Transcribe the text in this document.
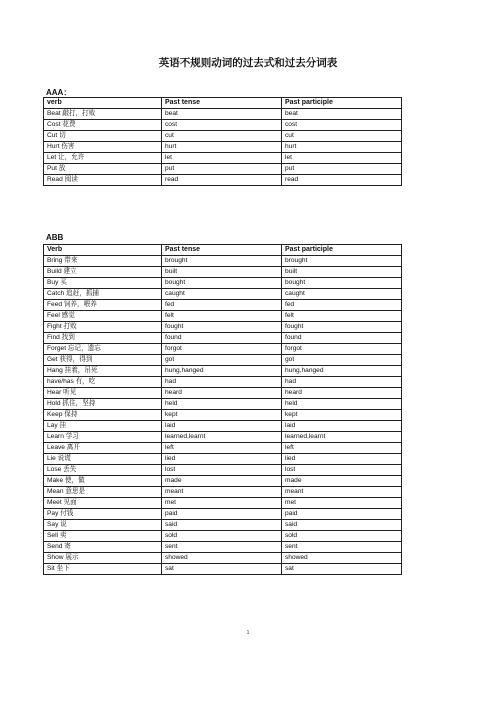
英语不规则动词的过去式和过去分词表
AAA：
verb	Past tense	Past participle
Beat 敲打，打败	beat	beat
Cost 花费	cost	cost
Cut 切	cut	cut
Hurt 伤害	hurt	hurt
Let 让，允许	let	let
Put 放	put	put
Read 阅读	read	read
ABB
Verb	Past tense	Past participle
Bring 带来	brought	brought
Build 建立	built	built
Buy 买	bought	bought
Catch 追赶，抓捕	caught	caught
Feed 饲养，喂养	fed	fed
Feel 感觉	felt	felt
Fight 打败	fought	fought
Find 找到	found	found
Forget 忘记，遗忘	forgot	forgot
Get 获得，得到	got	got
Hang 挂着，吊死	hung,hanged	hung,hanged
have/has 有，吃	had	had
Hear 听见	heard	heard
Hold 抓住，坚持	held	held
Keep 保持	kept	kept
Lay 挂	laid	laid
Learn 学习	learned,learnt	learned,learnt
Leave 离开	left	left
Lie 说谎	lied	lied
Lose 丢失	lost	lost
Make 使，做	made	made
Mean 意思是	meant	meant
Meet 见面	met	met
Pay 付钱	paid	paid
Say 说	said	said
Sell 卖	sold	sold
Send 寄	sent	sent
Show 展示	showed	showed
Sit 坐下	sat	sat
1
